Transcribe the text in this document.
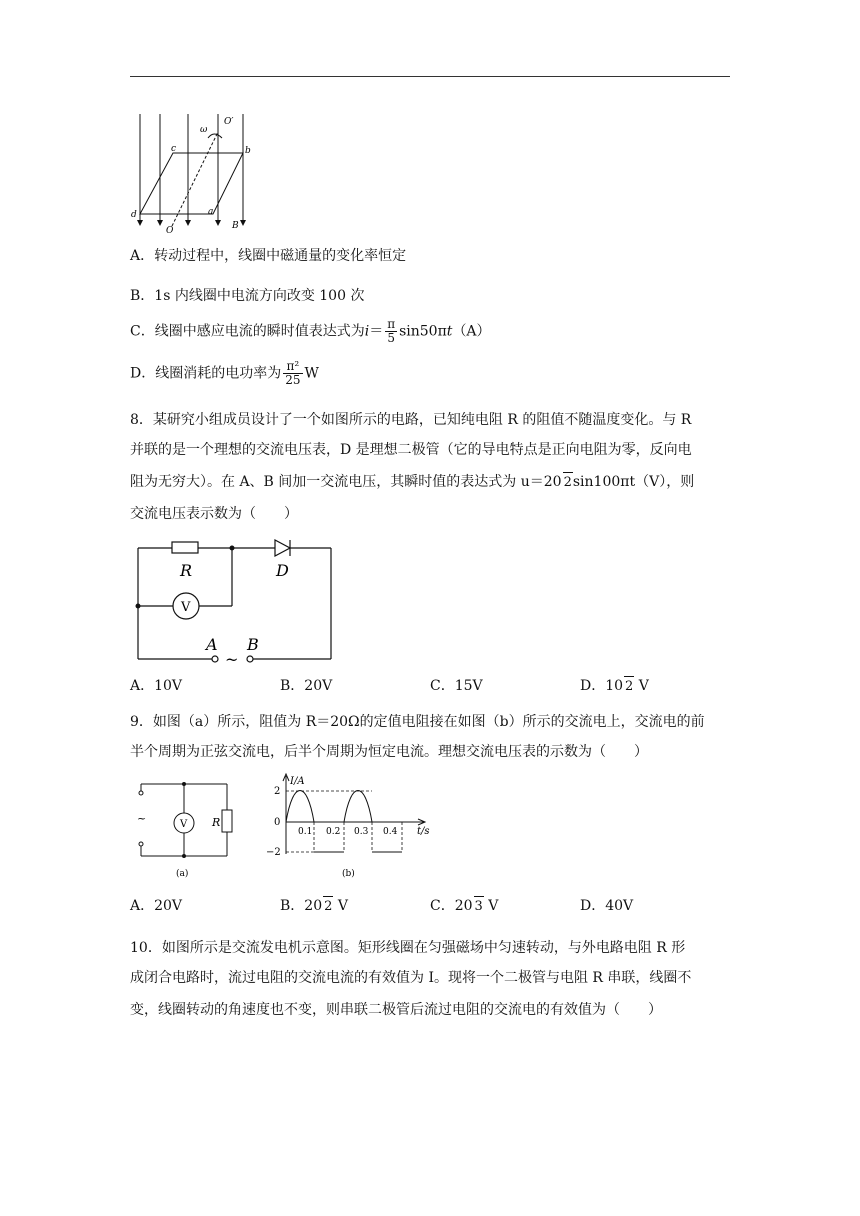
ω
O′
c	b
d	a
O	B
A．转动过程中，线圈中磁通量的变化率恒定
B．1s 内线圈中电流方向改变 100 次
C．线圈中感应电流的瞬时值表达式为$i= \frac{\pi}{5} \sin 50\pi t(A)$
D．线圈消耗的电功率为 $\frac{\text{π²}}{25}$ W
8．某研究小组成员设计了一个如图所示的电路，已知纯电阻 R 的阻值不随温度变化。与 R
并联的是一个理想的交流电压表，D 是理想二极管（它的导电特点是正向电阻为零，反向电
阻为无穷大）。在 A、B 间加一交流电压，其瞬时值的表达式为 u＝20 2sin100πt（V），则
交流电压表示数为（　　）
R	D
A B
V
~
A．10V	B．20V	C．15V	D．10 2 V
9．如图（a）所示，阻值为 R＝20Ω的定值电阻接在如图（b）所示的交流电上，交流电的前
半个周期为正弦交流电，后半个周期为恒定电流。理想交流电压表的示数为（　　）
~	V R
(a)
I/A
t/s
2
0
−2
0.1 0.2 0.3 0.4
(b)
A．20V	B．20 2 V	C．20 3 V	D．40V
10．如图所示是交流发电机示意图。矩形线圈在匀强磁场中匀速转动，与外电路电阻 R 形
成闭合电路时，流过电阻的交流电流的有效值为 I。现将一个二极管与电阻 R 串联，线圈不
变，线圈转动的角速度也不变，则串联二极管后流过电阻的交流电的有效值为（　　）
